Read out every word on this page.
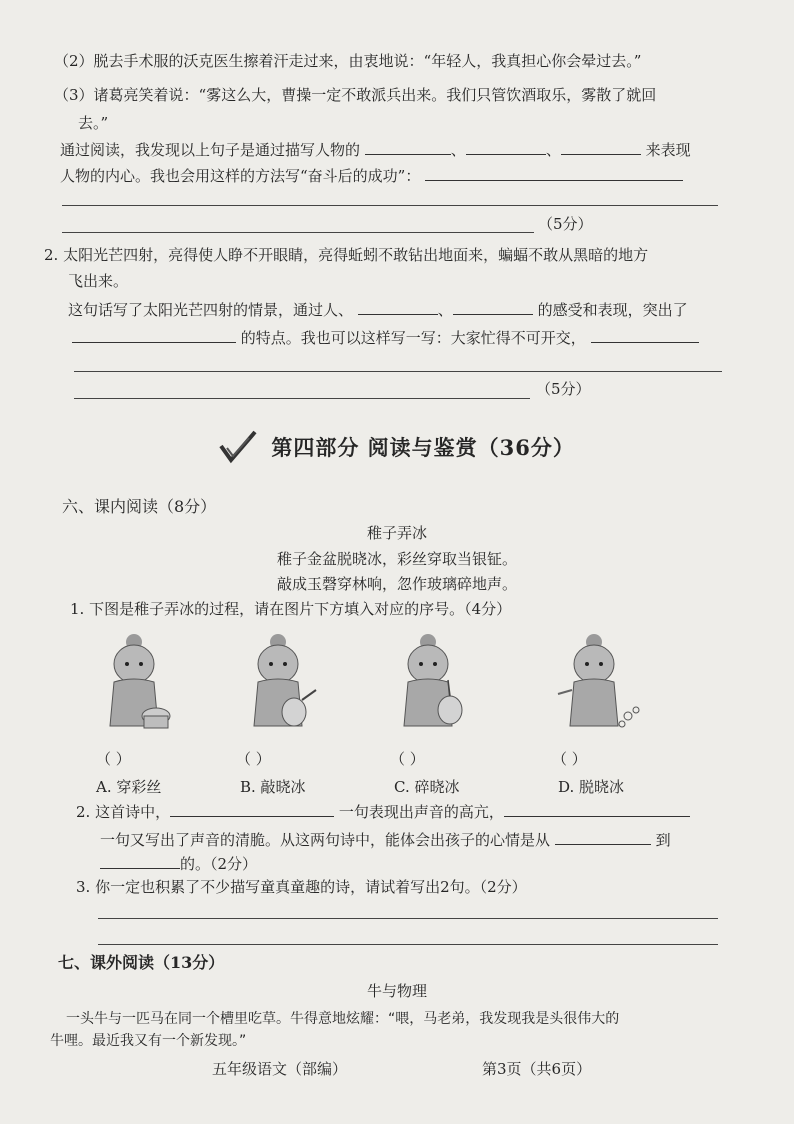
（2）脱去手术服的沃克医生擦着汗走过来，由衷地说：“年轻人，我真担心你会晕过去。”
（3）诸葛亮笑着说：“雾这么大，曹操一定不敢派兵出来。我们只管饮酒取乐，雾散了就回
去。”
通过阅读，我发现以上句子是通过描写人物的	、	、	来表现
人物的内心。我也会用这样的方法写“奋斗后的成功”：
（5分）
2. 太阳光芒四射，亮得使人睁不开眼睛，亮得蚯蚓不敢钻出地面来，蝙蝠不敢从黑暗的地方
飞出来。
这句话写了太阳光芒四射的情景，通过人、	、	的感受和表现，突出了
的特点。我也可以这样写一写：大家忙得不可开交，
（5分）
第四部分 阅读与鉴赏（36分）
六、课内阅读（8分）
稚子弄冰
稚子金盆脱晓冰，彩丝穿取当银钲。
敲成玉磬穿林响，忽作玻璃碎地声。
1. 下图是稚子弄冰的过程，请在图片下方填入对应的序号。（4分）
（ ）	（ ）	（ ）	（ ）
A. 穿彩丝	B. 敲晓冰	C. 碎晓冰	D. 脱晓冰
2. 这首诗中，	一句表现出声音的高亢，
一句又写出了声音的清脆。从这两句诗中，能体会出孩子的心情是从	到
的。（2分）
3. 你一定也积累了不少描写童真童趣的诗，请试着写出2句。（2分）
七、课外阅读（13分）
牛与物理
一头牛与一匹马在同一个槽里吃草。牛得意地炫耀：“喂，马老弟，我发现我是头很伟大的
牛哩。最近我又有一个新发现。”
五年级语文（部编）	第3页（共6页）
